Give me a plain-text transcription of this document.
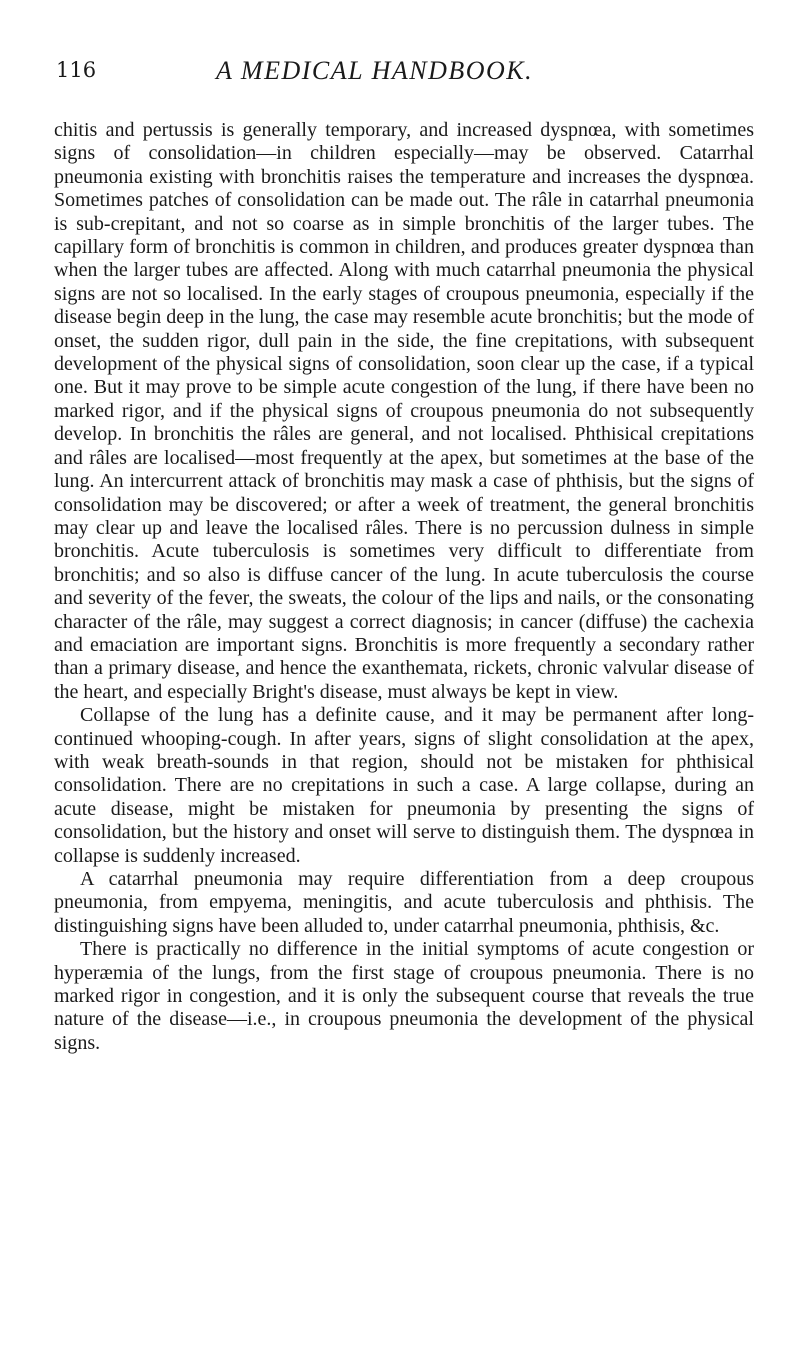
116	A MEDICAL HANDBOOK.

chitis and pertussis is generally temporary, and increased dyspnœa, with sometimes signs of consolidation—in children especially—may be observed. Catarrhal pneumonia existing with bronchitis raises the temperature and increases the dyspnœa. Sometimes patches of consolidation can be made out. The râle in catarrhal pneumonia is sub-crepitant, and not so coarse as in simple bronchitis of the larger tubes. The capillary form of bronchitis is common in children, and produces greater dyspnœa than when the larger tubes are affected. Along with much catarrhal pneumonia the physical signs are not so localised. In the early stages of croupous pneumonia, especially if the disease begin deep in the lung, the case may resemble acute bronchitis; but the mode of onset, the sudden rigor, dull pain in the side, the fine crepitations, with subsequent development of the physical signs of consolidation, soon clear up the case, if a typical one. But it may prove to be simple acute congestion of the lung, if there have been no marked rigor, and if the physical signs of croupous pneumonia do not subsequently develop. In bronchitis the râles are general, and not localised. Phthisical crepitations and râles are localised—most frequently at the apex, but sometimes at the base of the lung. An intercurrent attack of bronchitis may mask a case of phthisis, but the signs of consolidation may be discovered; or after a week of treatment, the general bronchitis may clear up and leave the localised râles. There is no percussion dulness in simple bronchitis. Acute tuberculosis is sometimes very difficult to differentiate from bronchitis; and so also is diffuse cancer of the lung. In acute tuberculosis the course and severity of the fever, the sweats, the colour of the lips and nails, or the consonating character of the râle, may suggest a correct diagnosis; in cancer (diffuse) the cachexia and emaciation are important signs. Bronchitis is more frequently a secondary rather than a primary disease, and hence the exanthemata, rickets, chronic valvular disease of the heart, and especially Bright's disease, must always be kept in view.

Collapse of the lung has a definite cause, and it may be permanent after long-continued whooping-cough. In after years, signs of slight consolidation at the apex, with weak breath-sounds in that region, should not be mistaken for phthisical consolidation. There are no crepitations in such a case. A large collapse, during an acute disease, might be mistaken for pneumonia by presenting the signs of consolidation, but the history and onset will serve to distinguish them. The dyspnœa in collapse is suddenly increased.

A catarrhal pneumonia may require differentiation from a deep croupous pneumonia, from empyema, meningitis, and acute tuberculosis and phthisis. The distinguishing signs have been alluded to, under catarrhal pneumonia, phthisis, &c.

There is practically no difference in the initial symptoms of acute congestion or hyperæmia of the lungs, from the first stage of croupous pneumonia. There is no marked rigor in congestion, and it is only the subsequent course that reveals the true nature of the disease—i.e., in croupous pneumonia the development of the physical signs.
